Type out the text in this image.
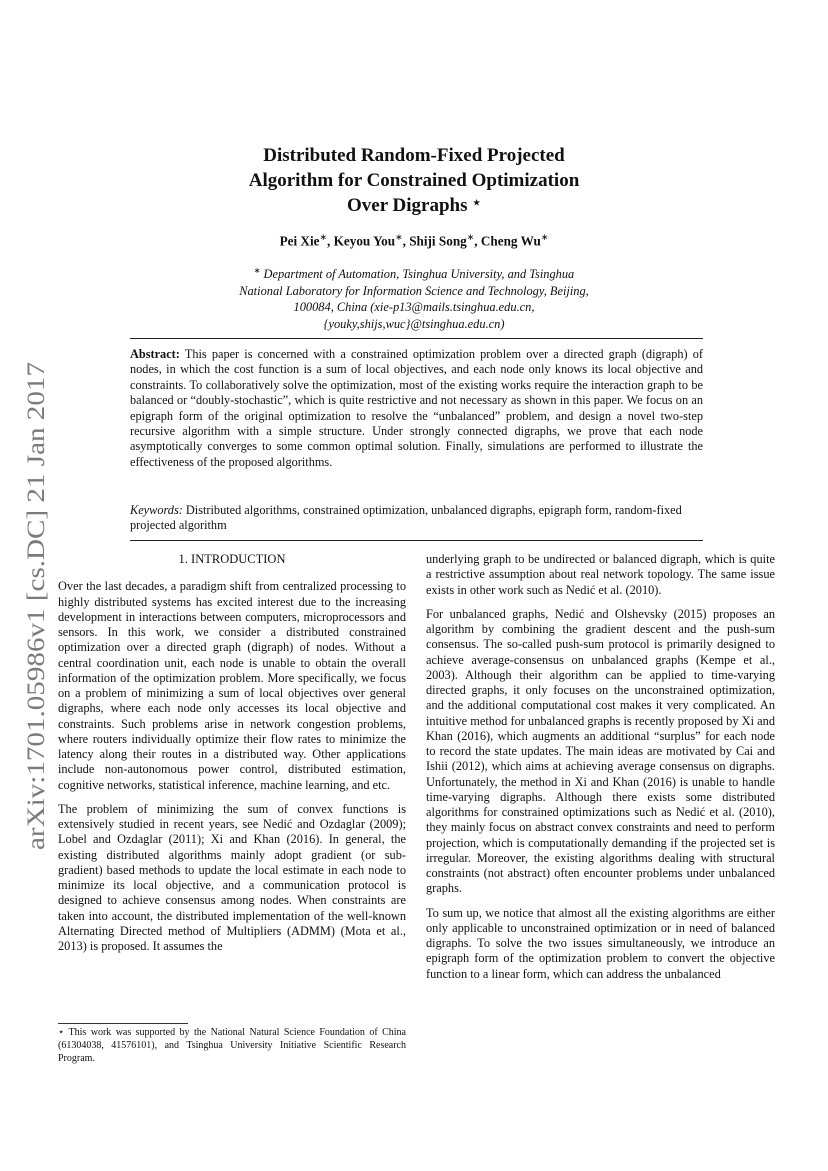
arXiv:1701.05986v1 [cs.DC] 21 Jan 2017
Distributed Random-Fixed Projected
Algorithm for Constrained Optimization
Over Digraphs ⋆
Pei Xie∗, Keyou You∗, Shiji Song∗, Cheng Wu∗
∗ Department of Automation, Tsinghua University, and Tsinghua
National Laboratory for Information Science and Technology, Beijing,
100084, China (xie-p13@mails.tsinghua.edu.cn,
{youky,shijs,wuc}@tsinghua.edu.cn)
Abstract: This paper is concerned with a constrained optimization problem over a directed graph (digraph) of nodes, in which the cost function is a sum of local objectives, and each node only knows its local objective and constraints. To collaboratively solve the optimization, most of the existing works require the interaction graph to be balanced or “doubly-stochastic”, which is quite restrictive and not necessary as shown in this paper. We focus on an epigraph form of the original optimization to resolve the “unbalanced” problem, and design a novel two-step recursive algorithm with a simple structure. Under strongly connected digraphs, we prove that each node asymptotically converges to some common optimal solution. Finally, simulations are performed to illustrate the effectiveness of the proposed algorithms.
Keywords: Distributed algorithms, constrained optimization, unbalanced digraphs, epigraph form, random-fixed projected algorithm
1. INTRODUCTION

Over the last decades, a paradigm shift from centralized processing to highly distributed systems has excited interest due to the increasing development in interactions between computers, microprocessors and sensors. In this work, we consider a distributed constrained optimization over a directed graph (digraph) of nodes. Without a central coordination unit, each node is unable to obtain the overall information of the optimization problem. More specifically, we focus on a problem of minimizing a sum of local objectives over general digraphs, where each node only accesses its local objective and constraints. Such problems arise in network congestion problems, where routers individually optimize their flow rates to minimize the latency along their routes in a distributed way. Other applications include non-autonomous power control, distributed estimation, cognitive networks, statistical inference, machine learning, and etc.

The problem of minimizing the sum of convex functions is extensively studied in recent years, see Nedić and Ozdaglar (2009); Lobel and Ozdaglar (2011); Xi and Khan (2016). In general, the existing distributed algorithms mainly adopt gradient (or sub-gradient) based methods to update the local estimate in each node to minimize its local objective, and a communication protocol is designed to achieve consensus among nodes. When constraints are taken into account, the distributed implementation of the well-known Alternating Directed method of Multipliers (ADMM) (Mota et al., 2013) is proposed. It assumes the

underlying graph to be undirected or balanced digraph, which is quite a restrictive assumption about real network topology. The same issue exists in other work such as Nedić et al. (2010).

For unbalanced graphs, Nedić and Olshevsky (2015) proposes an algorithm by combining the gradient descent and the push-sum consensus. The so-called push-sum protocol is primarily designed to achieve average-consensus on unbalanced graphs (Kempe et al., 2003). Although their algorithm can be applied to time-varying directed graphs, it only focuses on the unconstrained optimization, and the additional computational cost makes it very complicated. An intuitive method for unbalanced graphs is recently proposed by Xi and Khan (2016), which augments an additional “surplus” for each node to record the state updates. The main ideas are motivated by Cai and Ishii (2012), which aims at achieving average consensus on digraphs. Unfortunately, the method in Xi and Khan (2016) is unable to handle time-varying digraphs. Although there exists some distributed algorithms for constrained optimizations such as Nedić et al. (2010), they mainly focus on abstract convex constraints and need to perform projection, which is computationally demanding if the projected set is irregular. Moreover, the existing algorithms dealing with structural constraints (not abstract) often encounter problems under unbalanced graphs.

To sum up, we notice that almost all the existing algorithms are either only applicable to unconstrained optimization or in need of balanced digraphs. To solve the two issues simultaneously, we introduce an epigraph form of the optimization problem to convert the objective function to a linear form, which can address the unbalanced

⋆ This work was supported by the National Natural Science Foundation of China (61304038, 41576101), and Tsinghua University Initiative Scientific Research Program.
